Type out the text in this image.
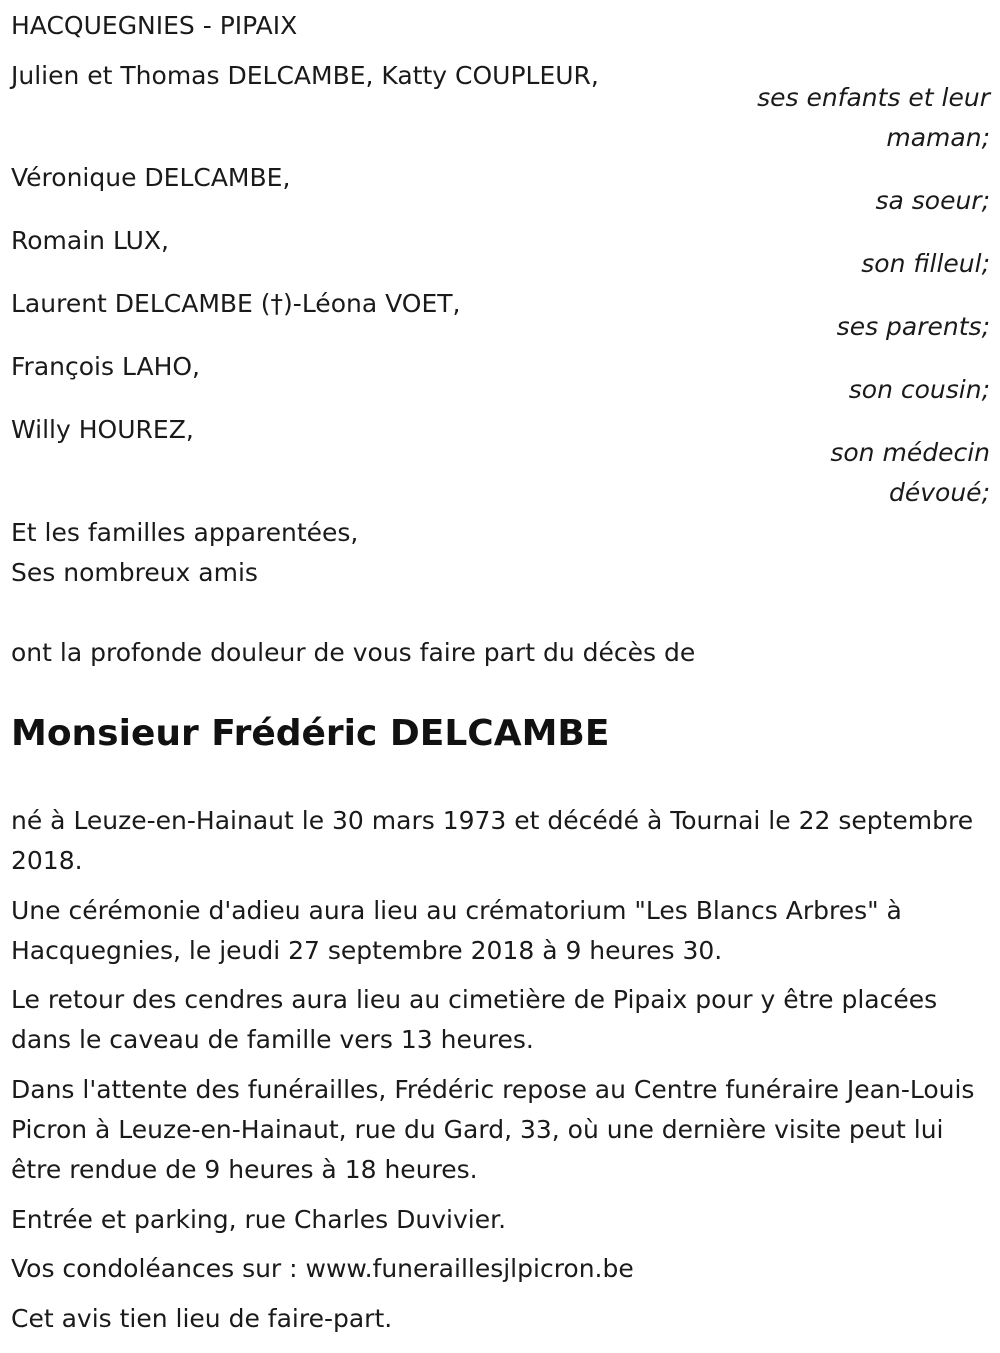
HACQUEGNIES - PIPAIX
Julien et Thomas DELCAMBE, Katty COUPLEUR,
ses enfants et leur maman;
Véronique DELCAMBE,
sa soeur;
Romain LUX,
son filleul;
Laurent DELCAMBE (†)-Léona VOET,
ses parents;
François LAHO,
son cousin;
Willy HOUREZ,
son médecin dévoué;
Et les familles apparentées,
Ses nombreux amis
ont la profonde douleur de vous faire part du décès de
Monsieur Frédéric DELCAMBE
né à Leuze-en-Hainaut le 30 mars 1973 et décédé à Tournai le 22 septembre 2018.
Une cérémonie d'adieu aura lieu au crématorium "Les Blancs Arbres" à Hacquegnies, le jeudi 27 septembre 2018 à 9 heures 30.
Le retour des cendres aura lieu au cimetière de Pipaix pour y être placées dans le caveau de famille vers 13 heures.
Dans l'attente des funérailles, Frédéric repose au Centre funéraire Jean-Louis Picron à Leuze-en-Hainaut, rue du Gard, 33, où une dernière visite peut lui être rendue de 9 heures à 18 heures.
Entrée et parking, rue Charles Duvivier.
Vos condoléances sur : www.funeraillesjlpicron.be
Cet avis tien lieu de faire-part.
